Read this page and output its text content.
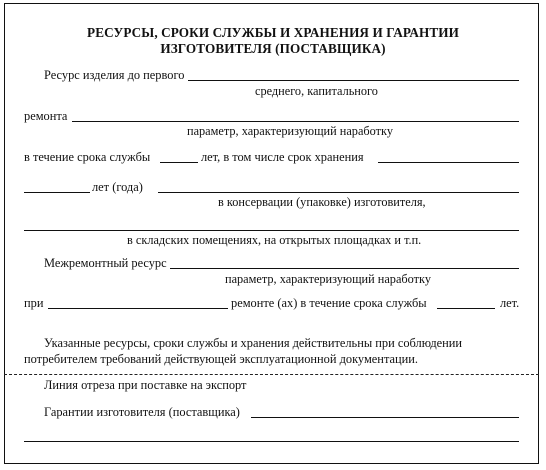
РЕСУРСЫ, СРОКИ СЛУЖБЫ И ХРАНЕНИЯ И ГАРАНТИИ
ИЗГОТОВИТЕЛЯ (ПОСТАВЩИКА)
Ресурс изделия до первого
среднего, капитального
ремонта
параметр, характеризующий наработку
в течение срока службы	лет, в том числе срок хранения
лет (года)
в консервации (упаковке) изготовителя,
в складских помещениях, на открытых площадках и т.п.
Межремонтный ресурс
параметр, характеризующий наработку
при	ремонте (ах) в течение срока службы	лет.
Указанные ресурсы, сроки службы и хранения действительны при соблюдении
потребителем требований действующей эксплуатационной документации.
Линия отреза при поставке на экспорт
Гарантии изготовителя (поставщика)
